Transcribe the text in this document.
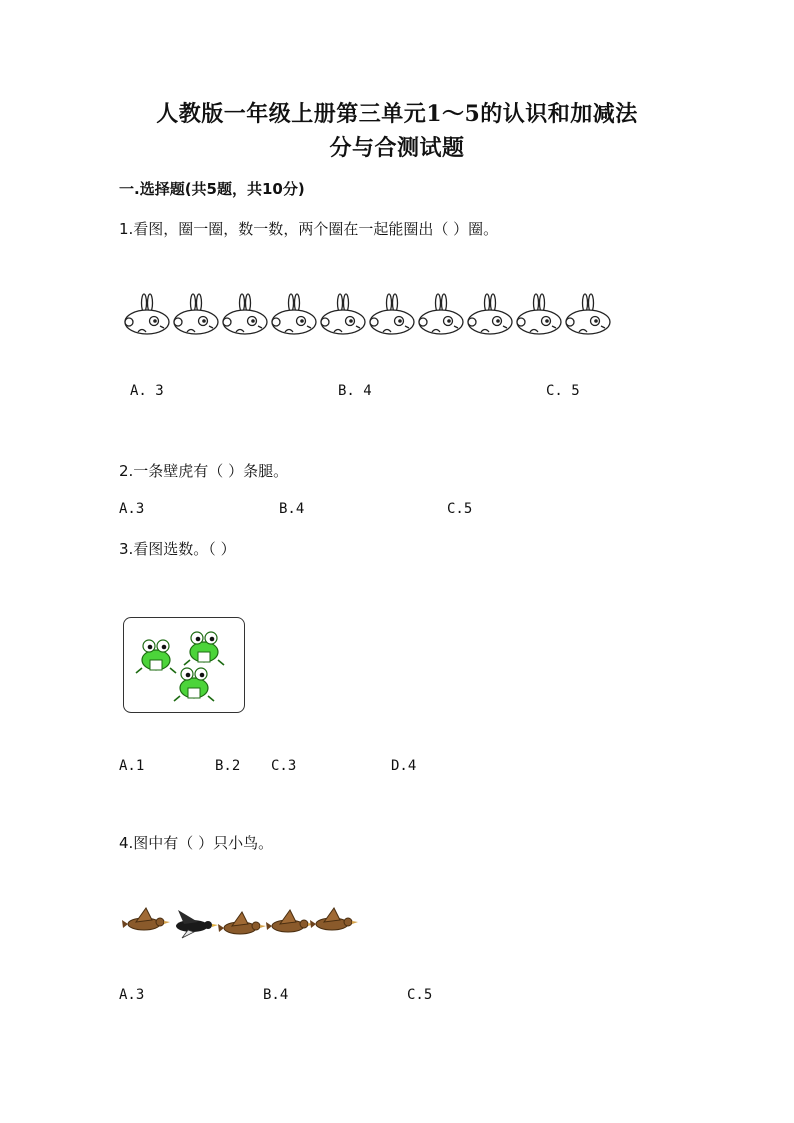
人教版一年级上册第三单元1～5的认识和加减法
分与合测试题
一.选择题(共5题，共10分)
1.看图，圈一圈，数一数，两个圈在一起能圈出（ ）圈。
A. 3	B. 4	C. 5
2.一条壁虎有（ ）条腿。
A.3	B.4	C.5
3.看图选数。（ ）
A.1	B.2 C.3	D.4
4.图中有（ ）只小鸟。
A.3	B.4	C.5
